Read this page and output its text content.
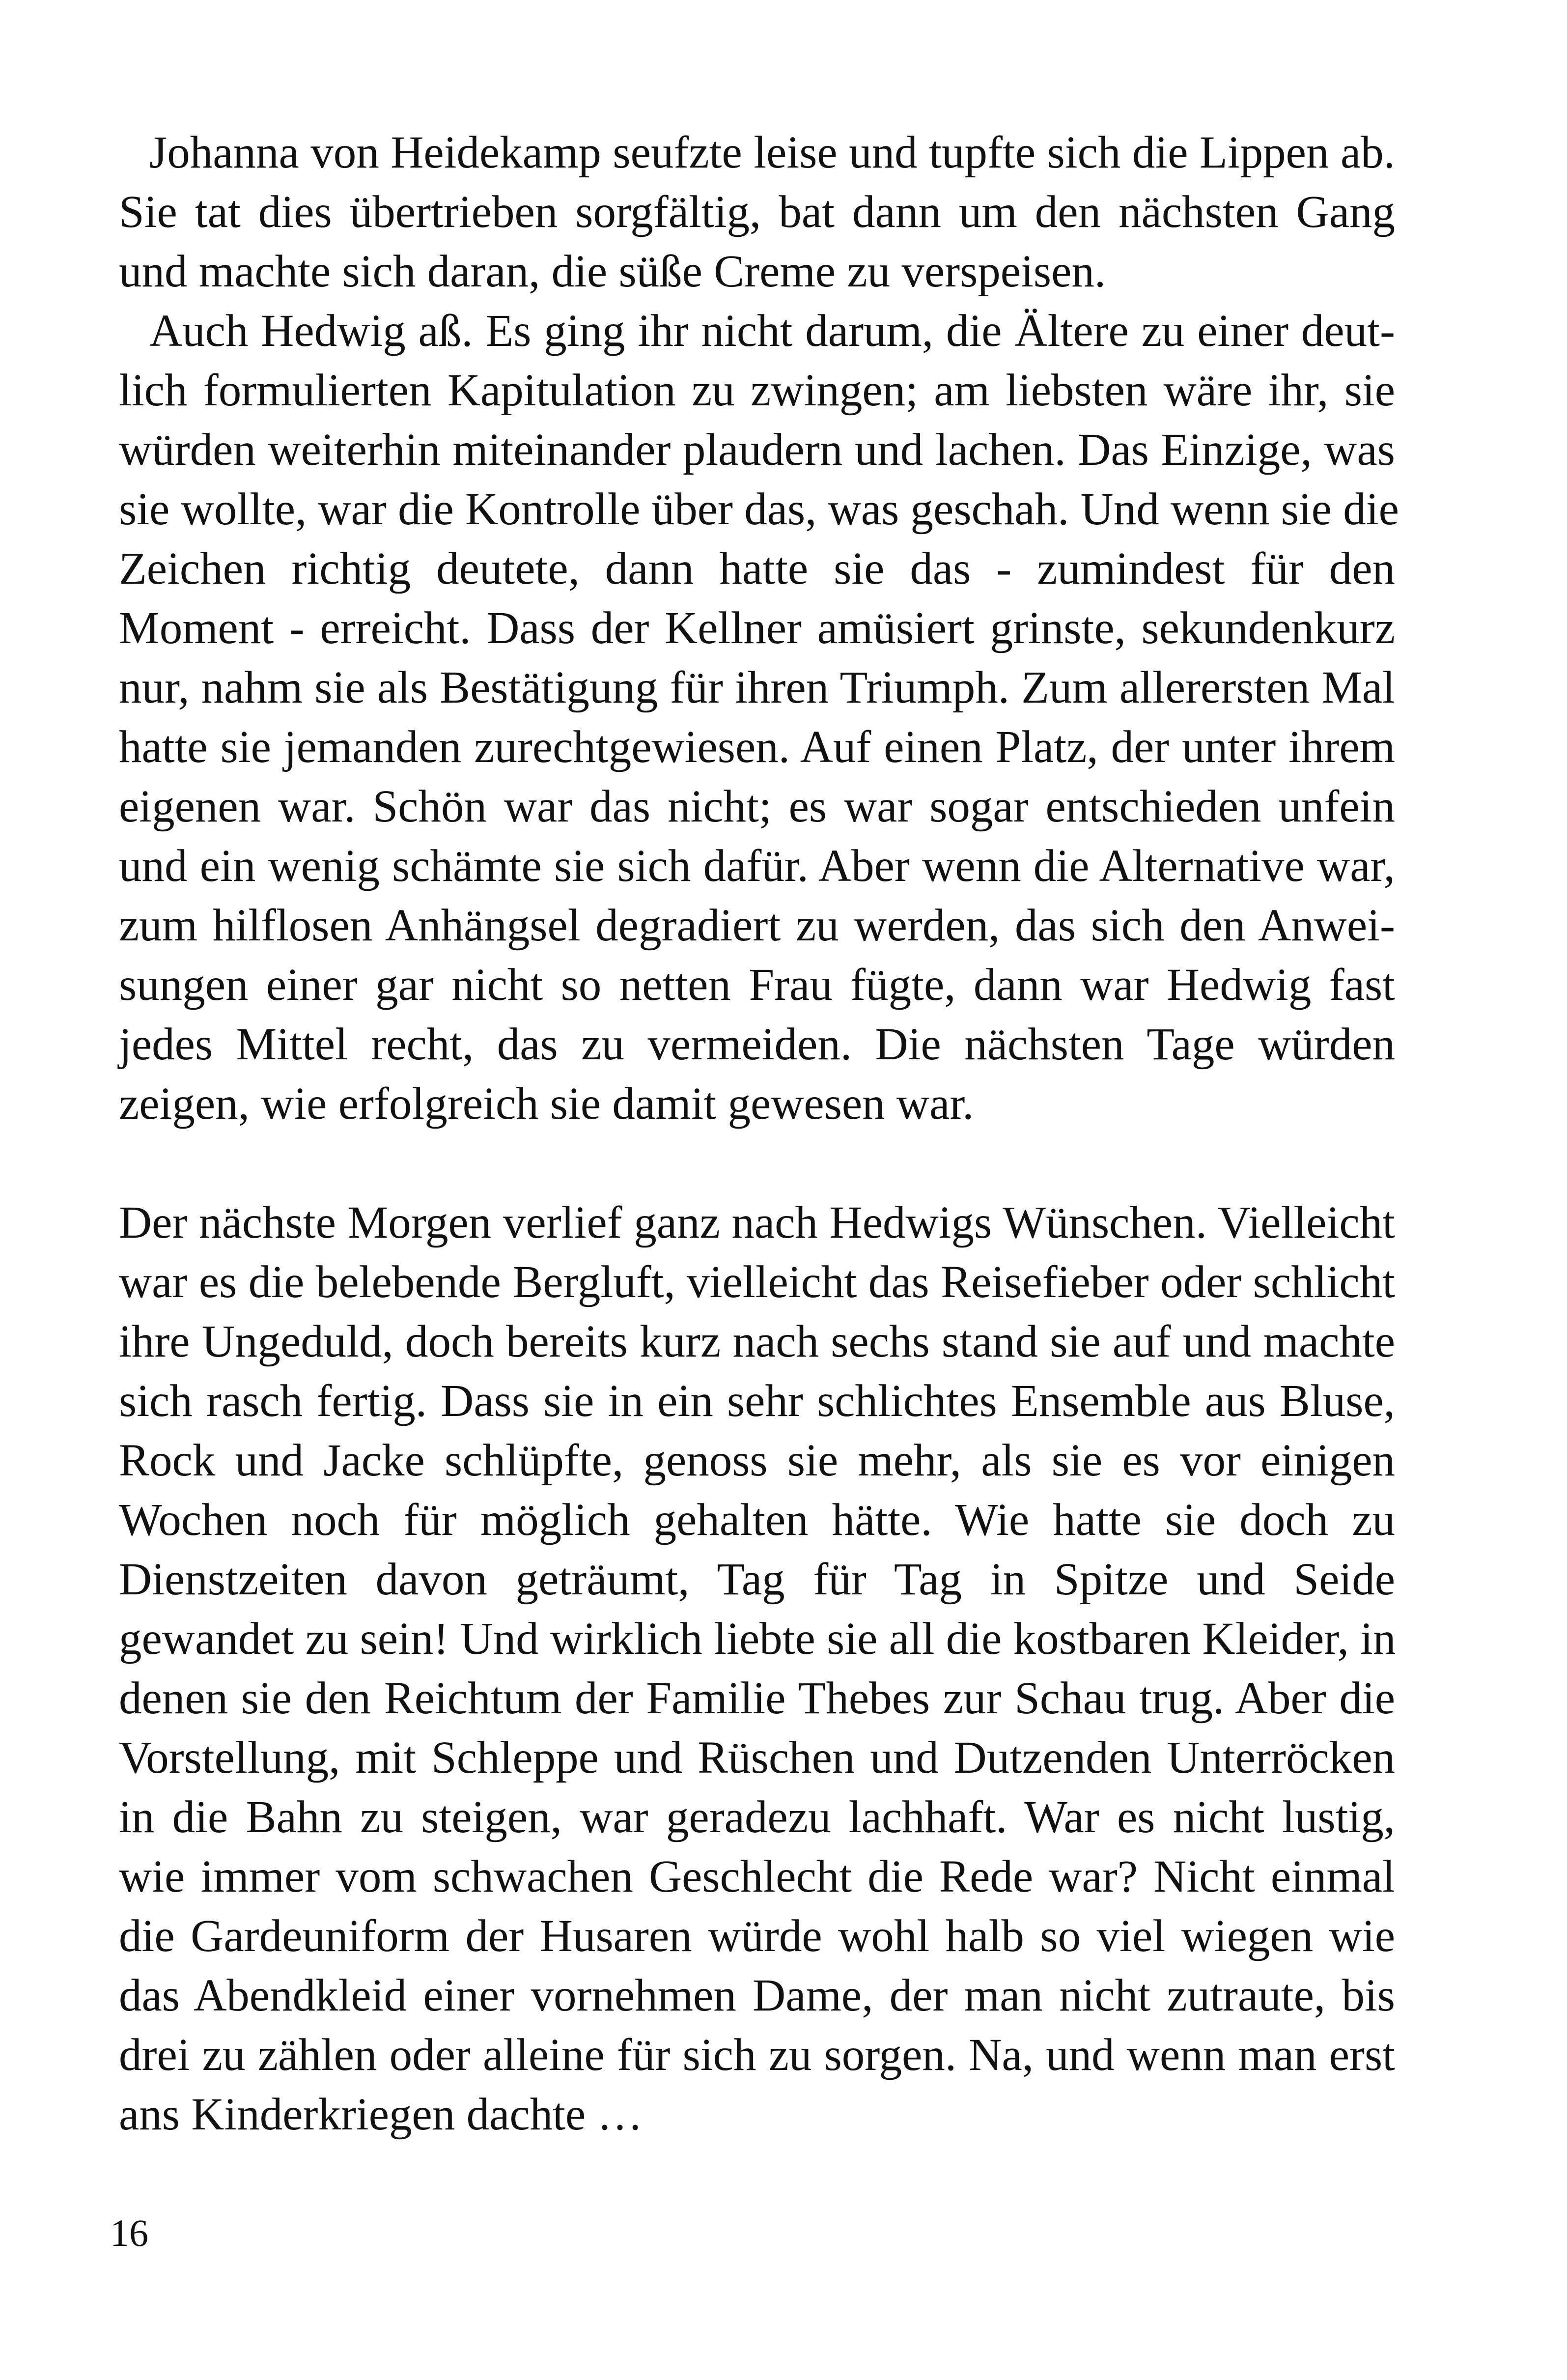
Johanna von Heidekamp seufzte leise und tupfte sich die Lippen ab.
Sie tat dies übertrieben sorgfältig, bat dann um den nächsten Gang
und machte sich daran, die süße Creme zu verspeisen.

Auch Hedwig aß. Es ging ihr nicht darum, die Ältere zu einer deut-
lich formulierten Kapitulation zu zwingen; am liebsten wäre ihr, sie
würden weiterhin miteinander plaudern und lachen. Das Einzige, was
sie wollte, war die Kontrolle über das, was geschah. Und wenn sie die
Zeichen richtig deutete, dann hatte sie das - zumindest für den
Moment - erreicht. Dass der Kellner amüsiert grinste, sekundenkurz
nur, nahm sie als Bestätigung für ihren Triumph. Zum allerersten Mal
hatte sie jemanden zurechtgewiesen. Auf einen Platz, der unter ihrem
eigenen war. Schön war das nicht; es war sogar entschieden unfein
und ein wenig schämte sie sich dafür. Aber wenn die Alternative war,
zum hilflosen Anhängsel degradiert zu werden, das sich den Anwei-
sungen einer gar nicht so netten Frau fügte, dann war Hedwig fast
jedes Mittel recht, das zu vermeiden. Die nächsten Tage würden
zeigen, wie erfolgreich sie damit gewesen war.

Der nächste Morgen verlief ganz nach Hedwigs Wünschen. Vielleicht
war es die belebende Bergluft, vielleicht das Reisefieber oder schlicht
ihre Ungeduld, doch bereits kurz nach sechs stand sie auf und machte
sich rasch fertig. Dass sie in ein sehr schlichtes Ensemble aus Bluse,
Rock und Jacke schlüpfte, genoss sie mehr, als sie es vor einigen
Wochen noch für möglich gehalten hätte. Wie hatte sie doch zu
Dienstzeiten davon geträumt, Tag für Tag in Spitze und Seide
gewandet zu sein! Und wirklich liebte sie all die kostbaren Kleider, in
denen sie den Reichtum der Familie Thebes zur Schau trug. Aber die
Vorstellung, mit Schleppe und Rüschen und Dutzenden Unterröcken
in die Bahn zu steigen, war geradezu lachhaft. War es nicht lustig,
wie immer vom schwachen Geschlecht die Rede war? Nicht einmal
die Gardeuniform der Husaren würde wohl halb so viel wiegen wie
das Abendkleid einer vornehmen Dame, der man nicht zutraute, bis
drei zu zählen oder alleine für sich zu sorgen. Na, und wenn man erst
ans Kinderkriegen dachte …

16
